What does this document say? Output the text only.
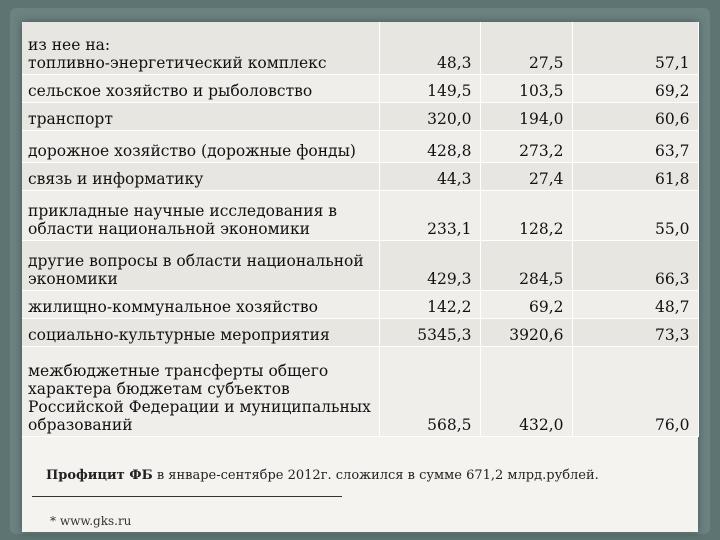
из нее на:
топливно-энергетический комплекс	48,3	27,5	57,1
сельское хозяйство и рыболовство	149,5	103,5	69,2
транспорт	320,0	194,0	60,6
дорожное хозяйство (дорожные фонды)	428,8	273,2	63,7
связь и информатику	44,3	27,4	61,8
прикладные научные исследования в области национальной экономики	233,1	128,2	55,0
другие вопросы в области национальной экономики	429,3	284,5	66,3
жилищно-коммунальное хозяйство	142,2	69,2	48,7
социально-культурные мероприятия	5345,3	3920,6	73,3
межбюджетные трансферты общего характера бюджетам субъектов Российской Федерации и муниципальных образований	568,5	432,0	76,0
Профицит ФБ в январе-сентябре 2012г. сложился в сумме 671,2 млрд.рублей.
* www.gks.ru
